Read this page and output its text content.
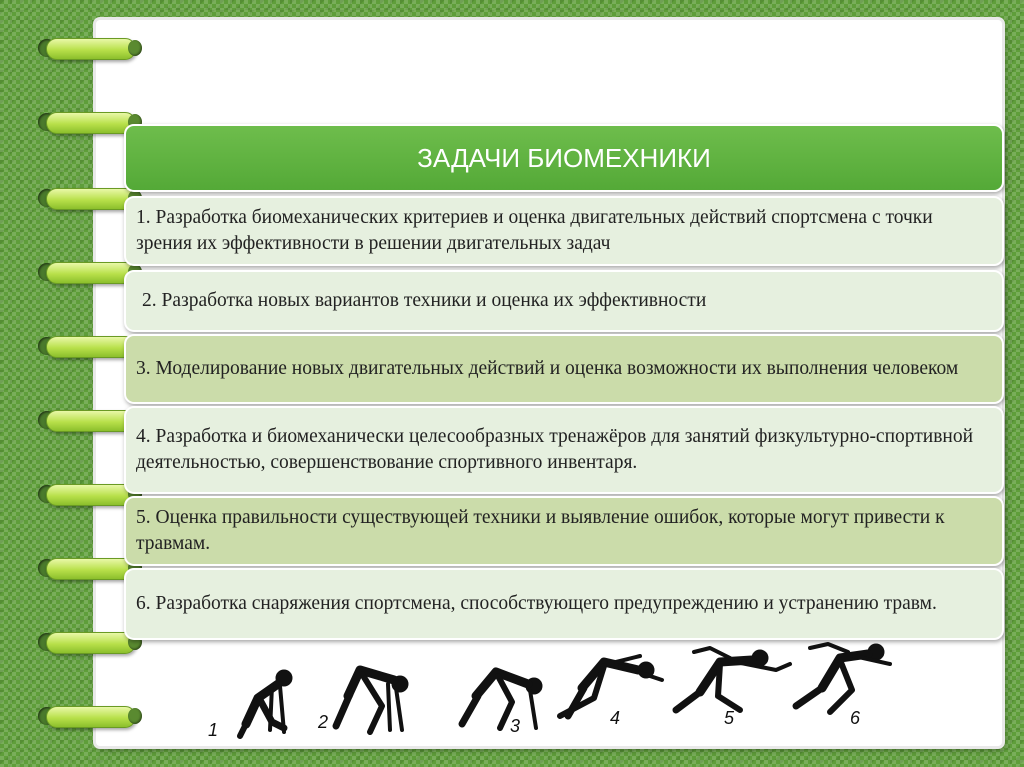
ЗАДАЧИ БИОМЕХНИКИ
1. Разработка биомеханических критериев и оценка двигательных действий спортсмена с точки зрения их эффективности в решении двигательных задач
2. Разработка новых вариантов техники и оценка их эффективности
3. Моделирование новых двигательных действий и оценка возможности их выполнения человеком
4. Разработка и биомеханически целесообразных тренажёров для занятий физкультурно-спортивной деятельностью, совершенствование спортивного инвентаря.
5. Оценка правильности существующей техники и выявление ошибок, которые могут привести к травмам.
6. Разработка снаряжения спортсмена, способствующего предупреждению и устранению травм.
1	2	3	4	5	6
